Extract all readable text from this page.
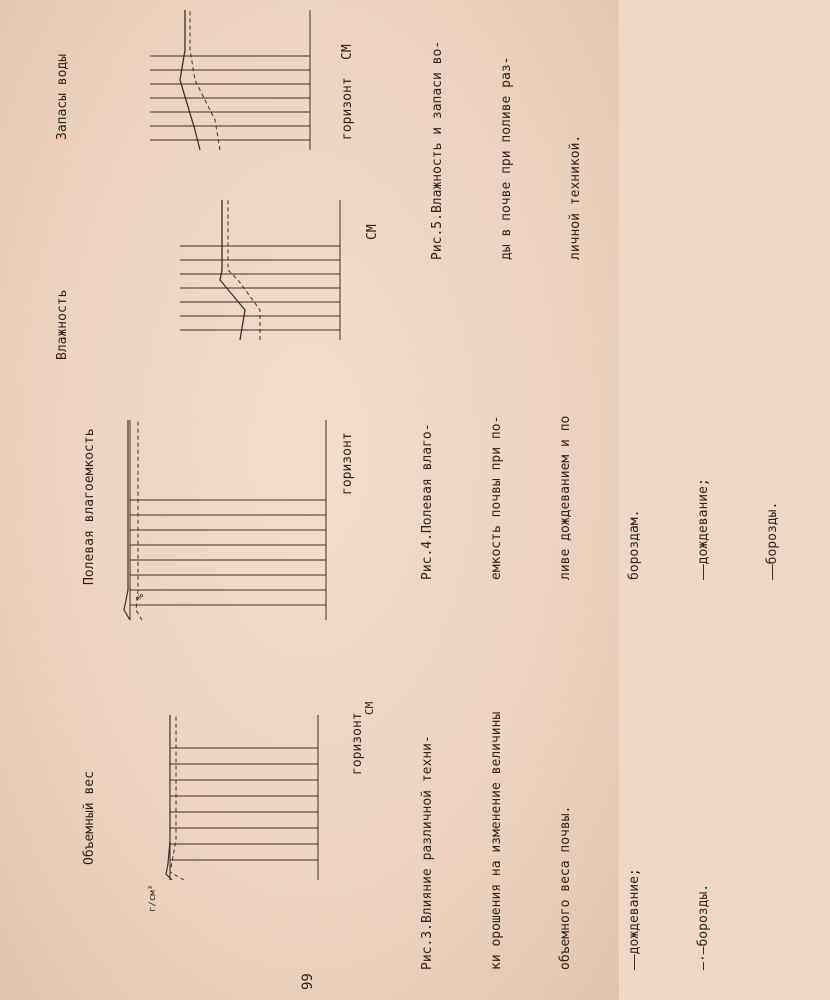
Объемный вес
г/см³
горизонт
СМ

Рис.3.Влияние различной техни-

	ки орошения на изменение величины

	объемного веса почвы.

	——дождевание;

	—·—борозды.

Полевая влагоемкость
%
горизонт

	Рис.4.Полевая влаго-

	емкость почвы при по-

	ливе дождеванием и по

	бороздам.

	——дождевание;

	——борозды.

Влажность
СМ
Запасы воды	горизонт
СМ

	Рис.5.Влажность и запаси во-

	ды в почве при поливе раз-

	личной техникой.

99
